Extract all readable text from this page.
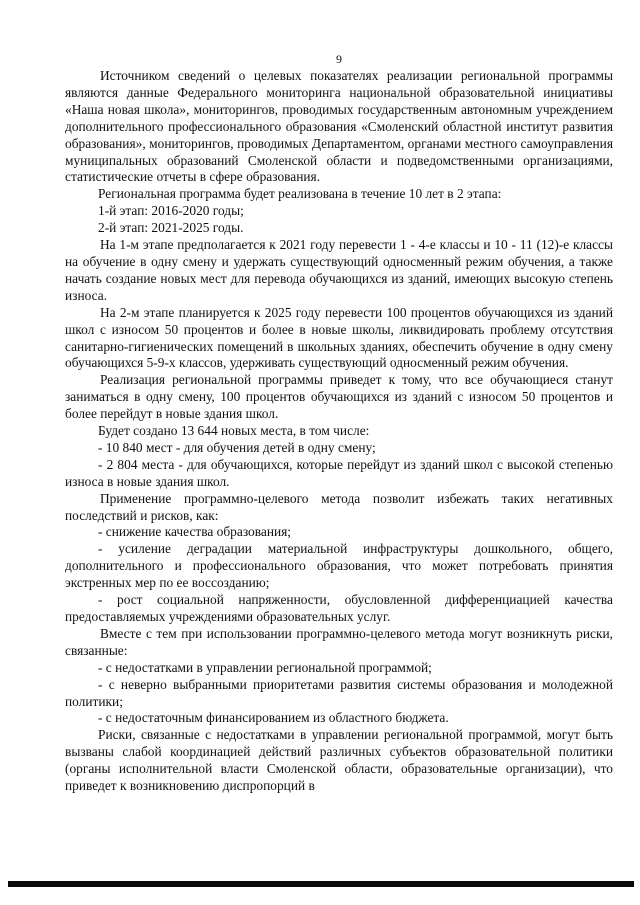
9

Источником сведений о целевых показателях реализации региональной программы являются данные Федерального мониторинга национальной образовательной инициативы «Наша новая школа», мониторингов, проводимых государственным автономным учреждением дополнительного профессионального образования «Смоленский областной институт развития образования», мониторингов, проводимых Департаментом, органами местного самоуправления муниципальных образований Смоленской области и подведомственными организациями, статистические отчеты в сфере образования.

Региональная программа будет реализована в течение 10 лет в 2 этапа:

1-й этап: 2016-2020 годы;

2-й этап: 2021-2025 годы.

На 1-м этапе предполагается к 2021 году перевести 1 - 4-е классы и 10 - 11 (12)-е классы на обучение в одну смену и удержать существующий односменный режим обучения, а также начать создание новых мест для перевода обучающихся из зданий, имеющих высокую степень износа.

На 2-м этапе планируется к 2025 году перевести 100 процентов обучающихся из зданий школ с износом 50 процентов и более в новые школы, ликвидировать проблему отсутствия санитарно-гигиенических помещений в школьных зданиях, обеспечить обучение в одну смену обучающихся 5-9-х классов, удерживать существующий односменный режим обучения.

Реализация региональной программы приведет к тому, что все обучающиеся станут заниматься в одну смену, 100 процентов обучающихся из зданий с износом 50 процентов и более перейдут в новые здания школ.

Будет создано 13 644 новых места, в том числе:

- 10 840 мест - для обучения детей в одну смену;

- 2 804 места - для обучающихся, которые перейдут из зданий школ с высокой степенью износа в новые здания школ.

Применение программно-целевого метода позволит избежать таких негативных последствий и рисков, как:

- снижение качества образования;

- усиление деградации материальной инфраструктуры дошкольного, общего, дополнительного и профессионального образования, что может потребовать принятия экстренных мер по ее воссозданию;

- рост социальной напряженности, обусловленной дифференциацией качества предоставляемых учреждениями образовательных услуг.

Вместе с тем при использовании программно-целевого метода могут возникнуть риски, связанные:

- с недостатками в управлении региональной программой;

- с неверно выбранными приоритетами развития системы образования и молодежной политики;

- с недостаточным финансированием из областного бюджета.

Риски, связанные с недостатками в управлении региональной программой, могут быть вызваны слабой координацией действий различных субъектов образовательной политики (органы исполнительной власти Смоленской области, образовательные организации), что приведет к возникновению диспропорций в
